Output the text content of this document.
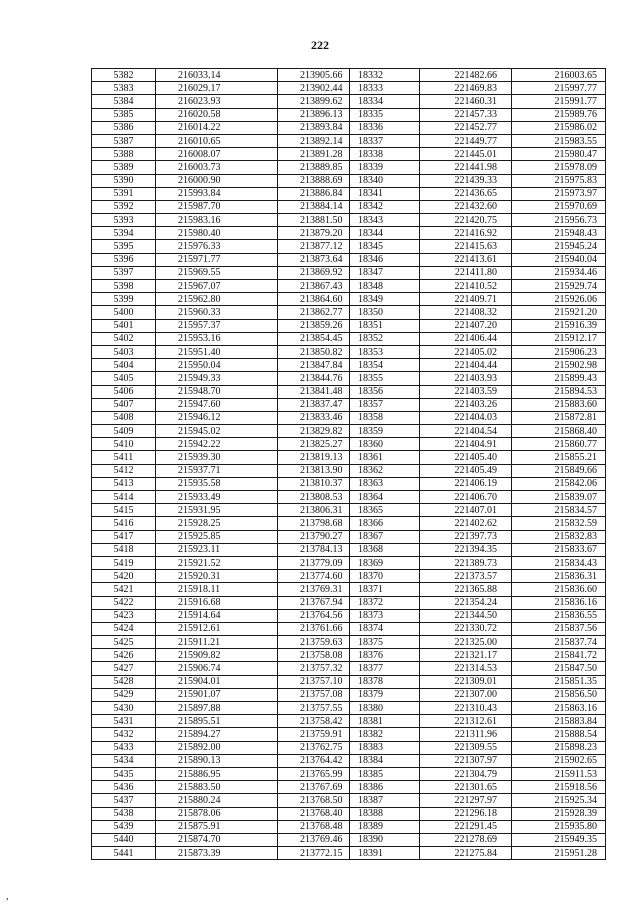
222
5382	216033.14	213905.66	18332	221482.66	216003.65
5383	216029.17	213902.44	18333	221469.83	215997.77
5384	216023.93	213899.62	18334	221460.31	215991.77
5385	216020.58	213896.13	18335	221457.33	215989.76
5386	216014.22	213893.84	18336	221452.77	215986.02
5387	216010.65	213892.14	18337	221449.77	215983.55
5388	216008.07	213891.28	18338	221445.01	215980.47
5389	216003.73	213889.85	18339	221441.98	215978.09
5390	216000.90	213888.69	18340	221439.33	215975.83
5391	215993.84	213886.84	18341	221436.65	215973.97
5392	215987.70	213884.14	18342	221432.60	215970.69
5393	215983.16	213881.50	18343	221420.75	215956.73
5394	215980.40	213879.20	18344	221416.92	215948.43
5395	215976.33	213877.12	18345	221415.63	215945.24
5396	215971.77	213873.64	18346	221413.61	215940.04
5397	215969.55	213869.92	18347	221411.80	215934.46
5398	215967.07	213867.43	18348	221410.52	215929.74
5399	215962.80	213864.60	18349	221409.71	215926.06
5400	215960.33	213862.77	18350	221408.32	215921.20
5401	215957.37	213859.26	18351	221407.20	215916.39
5402	215953.16	213854.45	18352	221406.44	215912.17
5403	215951.40	213850.82	18353	221405.02	215906.23
5404	215950.04	213847.84	18354	221404.44	215902.98
5405	215949.33	213844.76	18355	221403.93	215899.43
5406	215948.70	213841.48	18356	221403.59	215894.53
5407	215947.60	213837.47	18357	221403.26	215883.60
5408	215946.12	213833.46	18358	221404.03	215872.81
5409	215945.02	213829.82	18359	221404.54	215868.40
5410	215942.22	213825.27	18360	221404.91	215860.77
5411	215939.30	213819.13	18361	221405.40	215855.21
5412	215937.71	213813.90	18362	221405.49	215849.66
5413	215935.58	213810.37	18363	221406.19	215842.06
5414	215933.49	213808.53	18364	221406.70	215839.07
5415	215931.95	213806.31	18365	221407.01	215834.57
5416	215928.25	213798.68	18366	221402.62	215832.59
5417	215925.85	213790.27	18367	221397.73	215832.83
5418	215923.11	213784.13	18368	221394.35	215833.67
5419	215921.52	213779.09	18369	221389.73	215834.43
5420	215920.31	213774.60	18370	221373.57	215836.31
5421	215918.11	213769.31	18371	221365.88	215836.60
5422	215916.68	213767.94	18372	221354.24	215836.16
5423	215914.64	213764.56	18373	221344.50	215836.55
5424	215912.61	213761.66	18374	221330.72	215837.56
5425	215911.21	213759.63	18375	221325.00	215837.74
5426	215909.82	213758.08	18376	221321.17	215841.72
5427	215906.74	213757.32	18377	221314.53	215847.50
5428	215904.01	213757.10	18378	221309.01	215851.35
5429	215901.07	213757.08	18379	221307.00	215856.50
5430	215897.88	213757.55	18380	221310.43	215863.16
5431	215895.51	213758.42	18381	221312.61	215883.84
5432	215894.27	213759.91	18382	221311.96	215888.54
5433	215892.00	213762.75	18383	221309.55	215898.23
5434	215890.13	213764.42	18384	221307.97	215902.65
5435	215886.95	213765.99	18385	221304.79	215911.53
5436	215883.50	213767.69	18386	221301.65	215918.56
5437	215880.24	213768.50	18387	221297.97	215925.34
5438	215878.06	213768.40	18388	221296.18	215928.39
5439	215875.91	213768.48	18389	221291.45	215935.80
5440	215874.70	213769.46	18390	221278.69	215949.35
5441	215873.39	213772.15	18391	221275.84	215951.28
,
